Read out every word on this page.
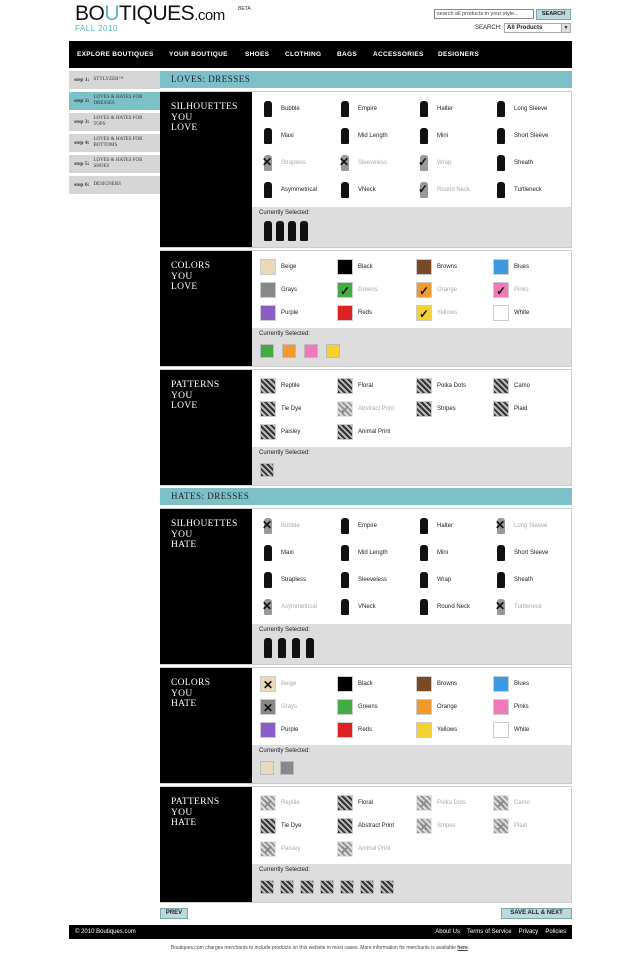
BOUTIQUES.com	BETA
FALL 2010
search all products in your style...	SEARCH
SEARCH: All Products	▼
EXPLORE BOUTIQUES YOUR BOUTIQUE	SHOES CLOTHING BAGS ACCESSORIES DESIGNERS
step 1: STYLYZER™
step 2:
LOVES & HATES FOR DRESSES
step 3:
LOVES & HATES FOR TOPS
step 4:
LOVES & HATES FOR BOTTOMS
step 5:
LOVES & HATES FOR SHOES
step 6: DESIGNERS
LOVES: DRESSES
SILHOUETTES
YOU
LOVE
Bubble	Empire	Halter	Long Sleeve
Maxi	Mid Length	Mini	Short Sleeve
✕ Strapless	✕ Sleeveless	✓ Wrap	Sheath
Asymmetrical	VNeck	✓ Round Neck	Turtleneck
Currently Selected:
COLORS
YOU
LOVE
Beige	Black	Browns	Blues
Grays	✓ Greens	✓ Orange	✓ Pinks
Purple	Reds	✓ Yellows	White
Currently Selected:
PATTERNS
YOU
LOVE
Reptile	Floral	Polka Dots	Camo
Tie Dye	✓ Abstract Print	Stripes	Plaid
Paisley	Animal Print
Currently Selected:
HATES: DRESSES
SILHOUETTES
YOU
HATE
✕ Bubble	Empire	Halter	✕ Long Sleeve
Maxi	Mid Length	Mini	Short Sleeve
Strapless	Sleeveless	Wrap	Sheath
✕ Asymmetrical	VNeck	Round Neck ✕ Turtleneck
Currently Selected:
COLORS
YOU
HATE
✕ Beige	Black	Browns	Blues
✕ Grays	Greens	Orange	Pinks
Purple	Reds	Yellows	White
Currently Selected:
PATTERNS
YOU
HATE
✕ Reptile	Floral	✕ Polka Dots ✕ Camo
Tie Dye	Abstract Print ✕ Stripes	✕ Plaid
✕ Paisley	✕ Animal Print
Currently Selected:
PREV	SAVE ALL & NEXT
© 2010 Boutiques.com	About Us Terms of Service Privacy Policies
Boutiques.com charges merchants to include products on this website in most cases. More information for merchants is available here.
